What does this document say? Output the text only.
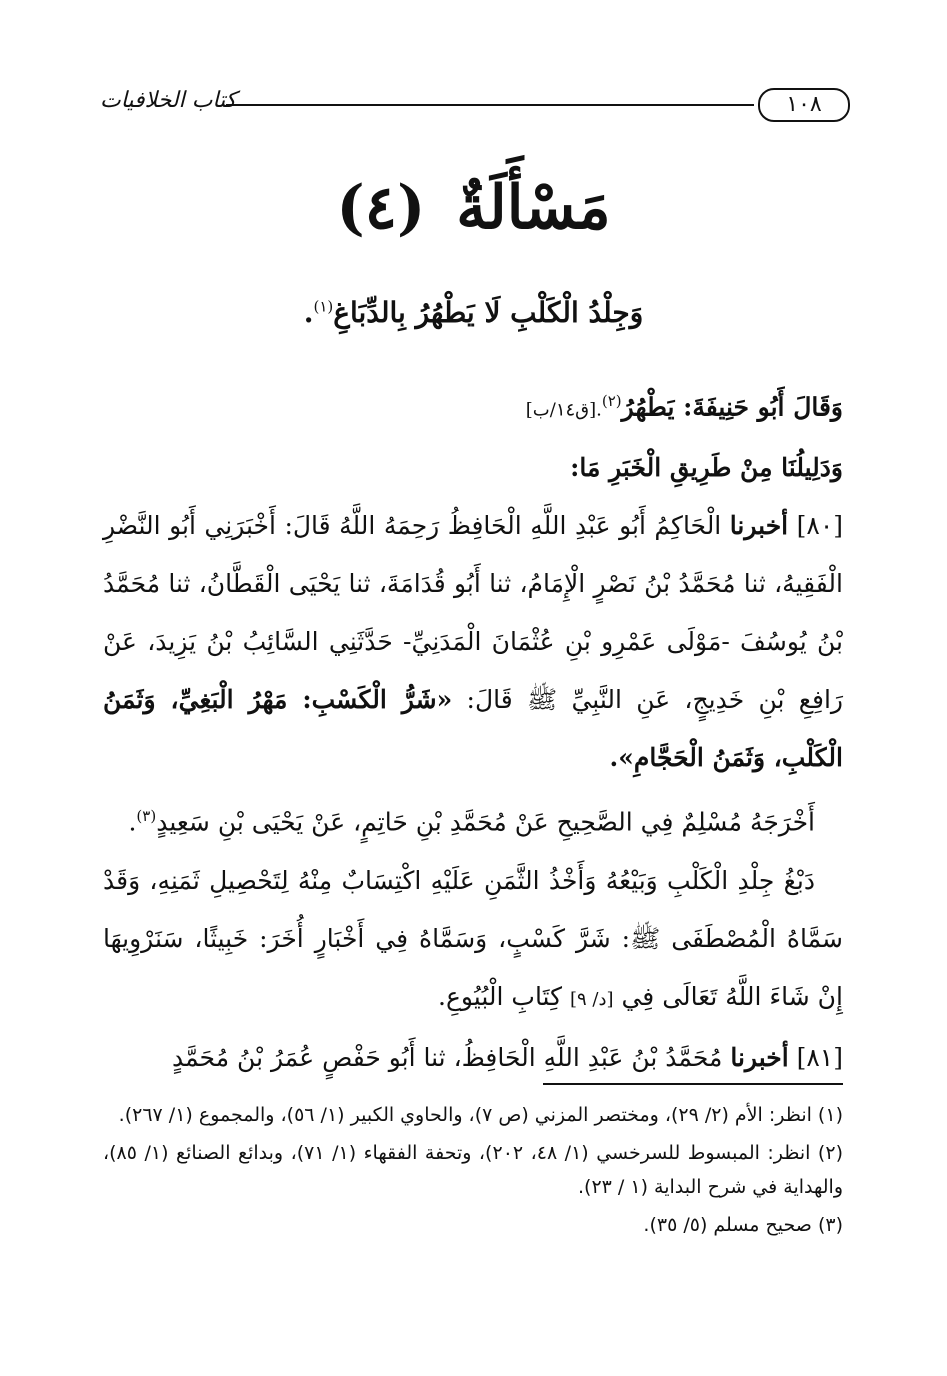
١٠٨
كتاب الخلافيات
مَسْأَلَةٌ (٤)
وَجِلْدُ الْكَلْبِ لَا يَطْهُرُ بِالدِّبَاغِ$^{(١)}$.

وَقَالَ أَبُو حَنِيفَةَ: يَطْهُرُ$^{(٢)}$.[ق١٤/ب]

وَدَلِيلُنَا مِنْ طَرِيقِ الْخَبَرِ مَا:

[٨٠] أخبرنا الْحَاكِمُ أَبُو عَبْدِ اللَّهِ الْحَافِظُ رَحِمَهُ اللَّهُ قَالَ: أَخْبَرَنِي أَبُو النَّضْرِ الْفَقِيهُ، ثنا مُحَمَّدُ بْنُ نَصْرٍ الْإِمَامُ، ثنا أَبُو قُدَامَةَ، ثنا يَحْيَى الْقَطَّانُ، ثنا مُحَمَّدُ بْنُ يُوسُفَ -مَوْلَى عَمْرِو بْنِ عُثْمَانَ الْمَدَنِيِّ- حَدَّثَنِي السَّائِبُ بْنُ يَزِيدَ، عَنْ رَافِعِ بْنِ خَدِيجٍ، عَنِ النَّبِيِّ ﷺ قَالَ: «شَرُّ الْكَسْبِ: مَهْرُ الْبَغِيِّ، وَثَمَنُ الْكَلْبِ، وَثَمَنُ الْحَجَّامِ».

أَخْرَجَهُ مُسْلِمٌ فِي الصَّحِيحِ عَنْ مُحَمَّدِ بْنِ حَاتِمٍ، عَنْ يَحْيَى بْنِ سَعِيدٍ$^{(٣)}$.

دَبْغُ جِلْدِ الْكَلْبِ وَبَيْعُهُ وَأَخْذُ الثَّمَنِ عَلَيْهِ اكْتِسَابٌ مِنْهُ لِتَحْصِيلِ ثَمَنِهِ، وَقَدْ سَمَّاهُ الْمُصْطَفَى ﷺ: شَرَّ كَسْبٍ، وَسَمَّاهُ فِي أَخْبَارٍ أُخَرَ: خَبِيثًا، سَنَرْوِيهَا إِنْ شَاءَ اللَّهُ تَعَالَى فِي [د/ ٩] كِتَابِ الْبُيُوعِ.

[٨١] أخبرنا مُحَمَّدُ بْنُ عَبْدِ اللَّهِ الْحَافِظُ، ثنا أَبُو حَفْصٍ عُمَرُ بْنُ مُحَمَّدٍ

(١) انظر: الأم (٢/ ٢٩)، ومختصر المزني (ص ٧)، والحاوي الكبير (١/ ٥٦)، والمجموع (١/ ٢٦٧).

(٢) انظر: المبسوط للسرخسي (١/ ٤٨، ٢٠٢)، وتحفة الفقهاء (١/ ٧١)، وبدائع الصنائع (١/ ٨٥)، والهداية في شرح البداية (١ / ٢٣).

(٣) صحيح مسلم (٥/ ٣٥).
